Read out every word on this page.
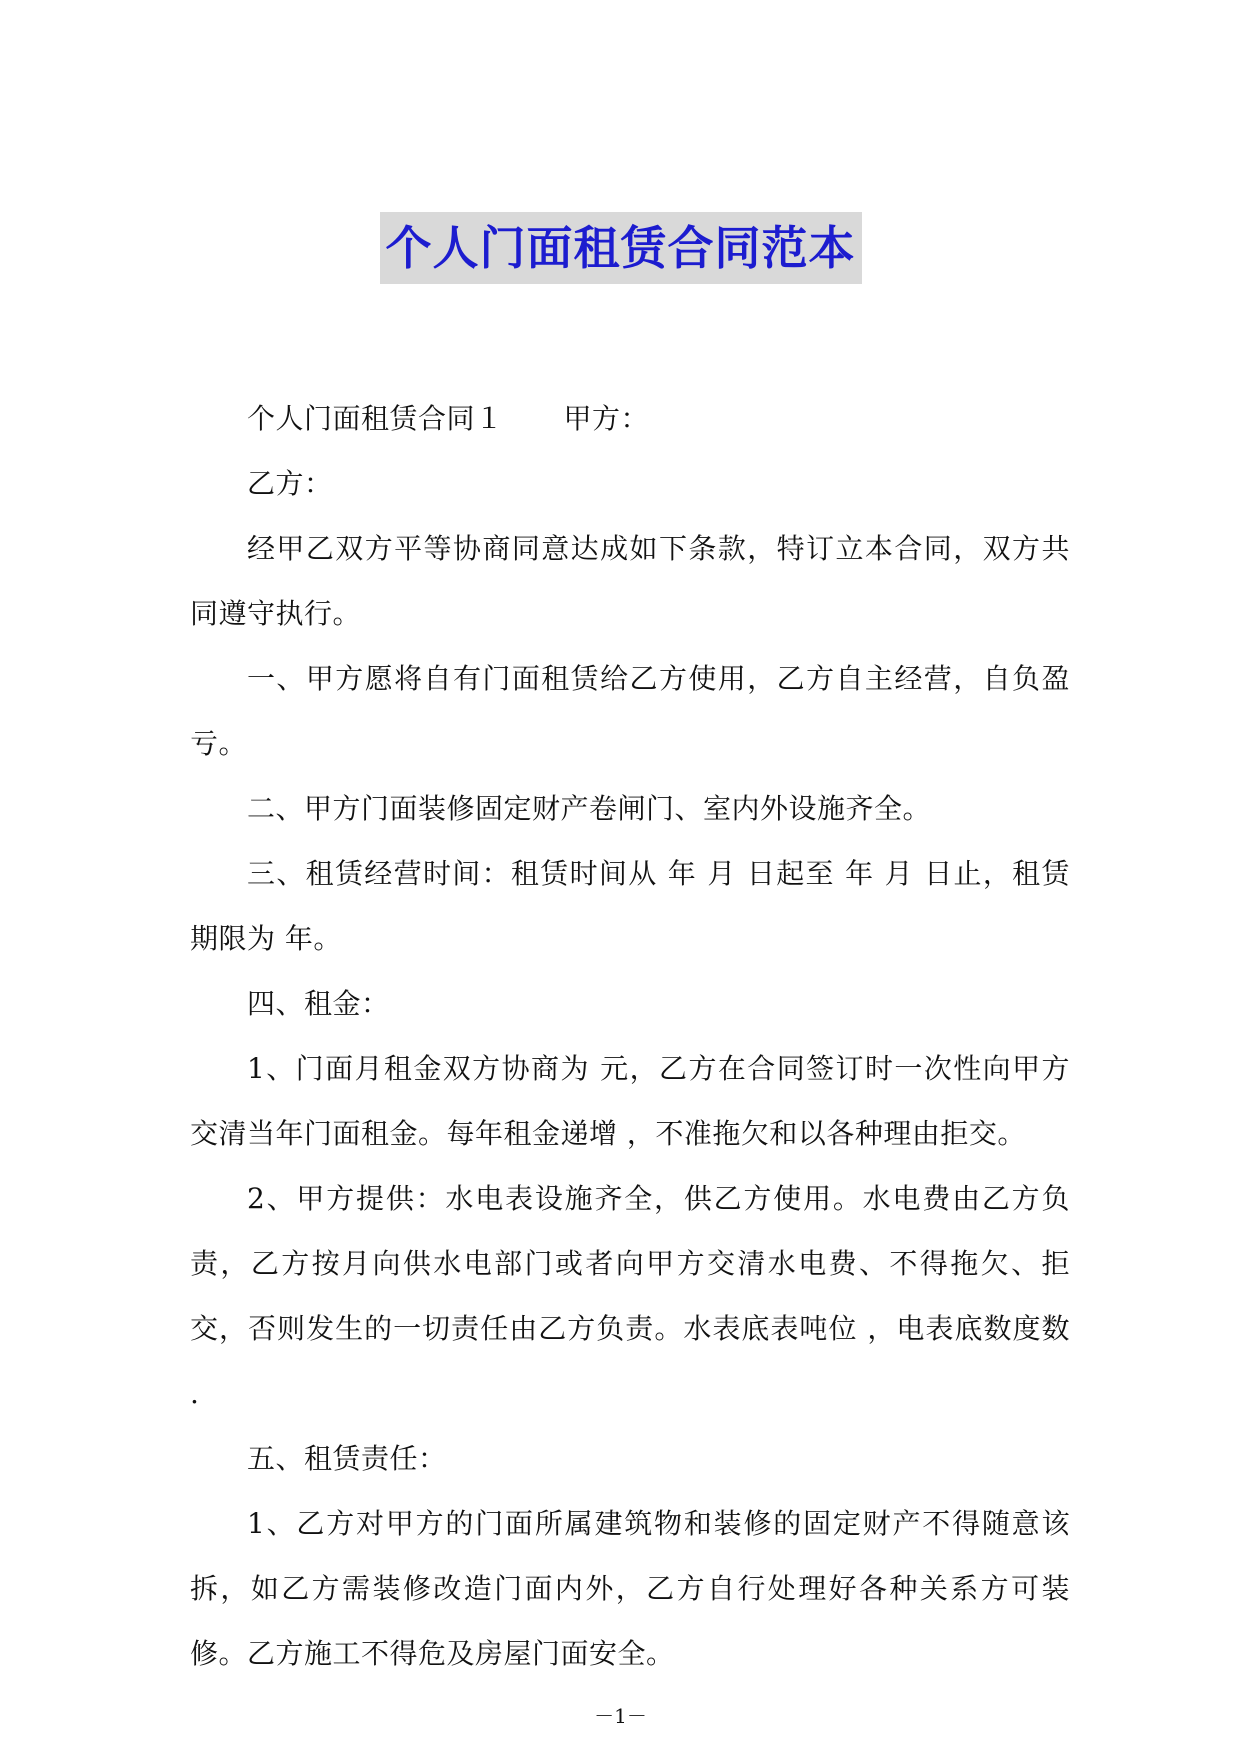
个人门面租赁合同范本

个人门面租赁合同１ 甲方：

乙方：

经甲乙双方平等协商同意达成如下条款，特订立本合同，双方共同遵守执行。

一、甲方愿将自有门面租赁给乙方使用，乙方自主经营，自负盈亏。

二、甲方门面装修固定财产卷闸门、室内外设施齐全。

三、租赁经营时间：租赁时间从 年 月 日起至 年 月 日止，租赁期限为 年。

四、租金：

1、门面月租金双方协商为 元，乙方在合同签订时一次性向甲方交清当年门面租金。每年租金递增 ，不准拖欠和以各种理由拒交。

2、甲方提供：水电表设施齐全，供乙方使用。水电费由乙方负责，乙方按月向供水电部门或者向甲方交清水电费、不得拖欠、拒交，否则发生的一切责任由乙方负责。水表底表吨位 ，电表底数度数 .

五、租赁责任：

1、乙方对甲方的门面所属建筑物和装修的固定财产不得随意该拆，如乙方需装修改造门面内外，乙方自行处理好各种关系方可装修。乙方施工不得危及房屋门面安全。

－1－
